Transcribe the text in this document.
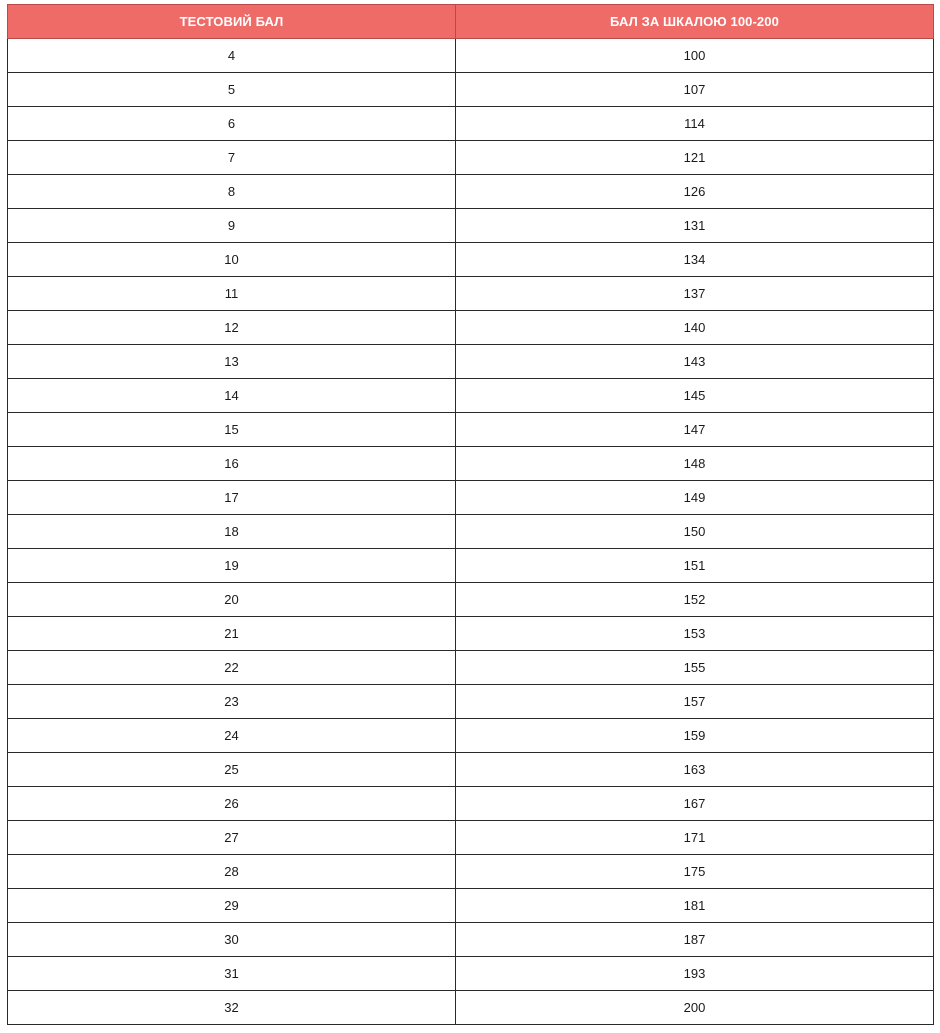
ТЕСТОВИЙ БАЛ	БАЛ ЗА ШКАЛОЮ 100-200
4	100
5	107
6	114
7	121
8	126
9	131
10	134
11	137
12	140
13	143
14	145
15	147
16	148
17	149
18	150
19	151
20	152
21	153
22	155
23	157
24	159
25	163
26	167
27	171
28	175
29	181
30	187
31	193
32	200
